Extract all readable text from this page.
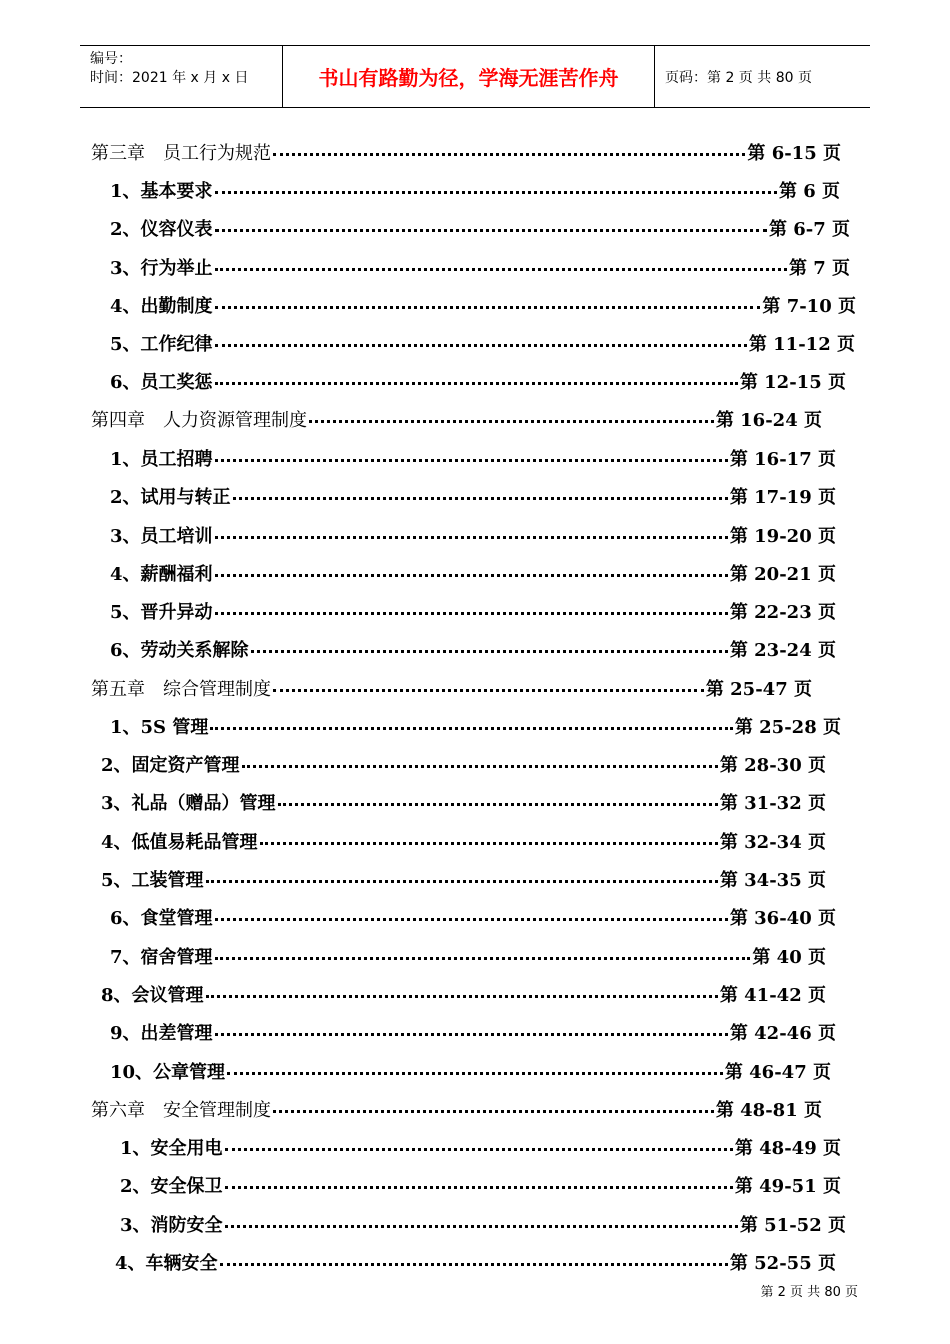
编号：
时间：2021 年 x 月 x 日	书山有路勤为径，学海无涯苦作舟	页码：第 2 页 共 80 页
第三章　员工行为规范	第 6-15 页
1、基本要求	第 6 页
2、仪容仪表	第 6-7 页
3、行为举止	第 7 页
4、出勤制度	第 7-10 页
5、工作纪律	第 11-12 页
6、员工奖惩	第 12-15 页
第四章　人力资源管理制度	第 16-24 页
1、员工招聘	第 16-17 页
2、试用与转正	第 17-19 页
3、员工培训	第 19-20 页
4、薪酬福利	第 20-21 页
5、晋升异动	第 22-23 页
6、劳动关系解除	第 23-24 页
第五章　综合管理制度	第 25-47 页
1、5S 管理	第 25-28 页
2、固定资产管理	第 28-30 页
3、礼品（赠品）管理	第 31-32 页
4、低值易耗品管理	第 32-34 页
5、工装管理	第 34-35 页
6、食堂管理	第 36-40 页
7、宿舍管理	第 40 页
8、会议管理	第 41-42 页
9、出差管理	第 42-46 页
10、公章管理	第 46-47 页
第六章　安全管理制度	第 48-81 页
1、安全用电	第 48-49 页
2、安全保卫	第 49-51 页
3、消防安全	第 51-52 页
4、车辆安全	第 52-55 页
第 2 页 共 80 页
